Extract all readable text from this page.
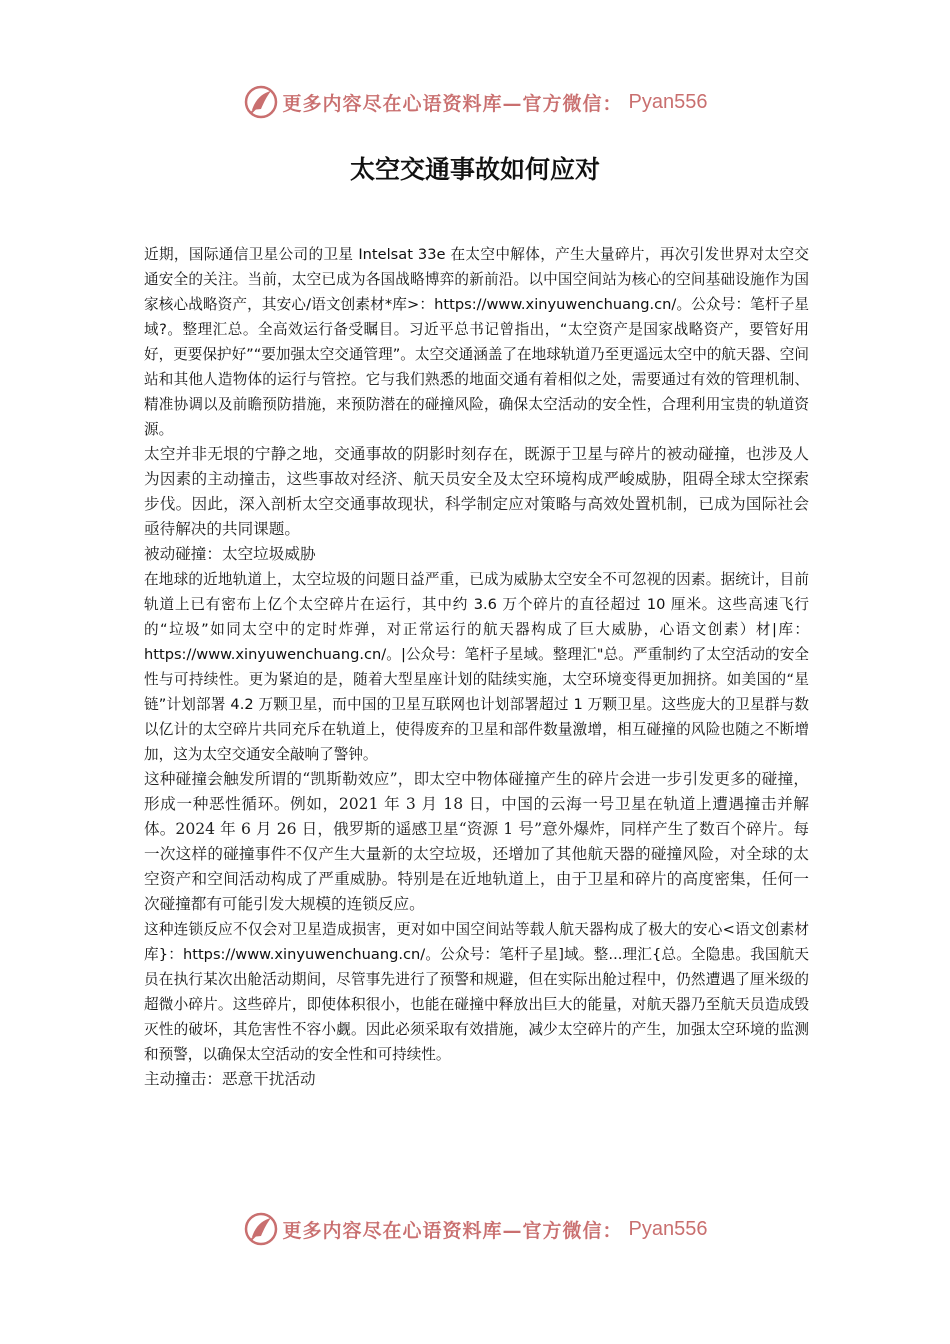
更多内容尽在心语资料库—官方微信： Pyan556
太空交通事故如何应对

近期，国际通信卫星公司的卫星 Intelsat 33e 在太空中解体，产生大量碎片，再次引发世界对太空交通安全的关注。当前，太空已成为各国战略博弈的新前沿。以中国空间站为核心的空间基础设施作为国家核心战略资产，其安心/语文创素材*库>：https://www.xinyuwenchuang.cn/。公众号：笔杆子星域?。整理汇总。全高效运行备受瞩目。习近平总书记曾指出，“太空资产是国家战略资产，要管好用好，更要保护好”“要加强太空交通管理”。太空交通涵盖了在地球轨道乃至更遥远太空中的航天器、空间站和其他人造物体的运行与管控。它与我们熟悉的地面交通有着相似之处，需要通过有效的管理机制、精准协调以及前瞻预防措施，来预防潜在的碰撞风险，确保太空活动的安全性，合理利用宝贵的轨道资源。

太空并非无垠的宁静之地，交通事故的阴影时刻存在，既源于卫星与碎片的被动碰撞，也涉及人为因素的主动撞击，这些事故对经济、航天员安全及太空环境构成严峻威胁，阻碍全球太空探索步伐。因此，深入剖析太空交通事故现状，科学制定应对策略与高效处置机制，已成为国际社会亟待解决的共同课题。

被动碰撞：太空垃圾威胁

在地球的近地轨道上，太空垃圾的问题日益严重，已成为威胁太空安全不可忽视的因素。据统计，目前轨道上已有密布上亿个太空碎片在运行，其中约 3.6 万个碎片的直径超过 10 厘米。这些高速飞行的“垃圾”如同太空中的定时炸弹，对正常运行的航天器构成了巨大威胁，心语文创素）材|库：https://www.xinyuwenchuang.cn/。|公众号：笔杆子星域。整理汇"总。严重制约了太空活动的安全性与可持续性。更为紧迫的是，随着大型星座计划的陆续实施，太空环境变得更加拥挤。如美国的“星链”计划部署 4.2 万颗卫星，而中国的卫星互联网也计划部署超过 1 万颗卫星。这些庞大的卫星群与数以亿计的太空碎片共同充斥在轨道上，使得废弃的卫星和部件数量激增，相互碰撞的风险也随之不断增加，这为太空交通安全敲响了警钟。

这种碰撞会触发所谓的“凯斯勒效应”，即太空中物体碰撞产生的碎片会进一步引发更多的碰撞，形成一种恶性循环。例如，2021 年 3 月 18 日，中国的云海一号卫星在轨道上遭遇撞击并解体。2024 年 6 月 26 日，俄罗斯的遥感卫星“资源 1 号”意外爆炸，同样产生了数百个碎片。每一次这样的碰撞事件不仅产生大量新的太空垃圾，还增加了其他航天器的碰撞风险，对全球的太空资产和空间活动构成了严重威胁。特别是在近地轨道上，由于卫星和碎片的高度密集，任何一次碰撞都有可能引发大规模的连锁反应。

这种连锁反应不仅会对卫星造成损害，更对如中国空间站等载人航天器构成了极大的安心<语文创素材库}：https://www.xinyuwenchuang.cn/。公众号：笔杆子星]域。整...理汇{总。全隐患。我国航天员在执行某次出舱活动期间，尽管事先进行了预警和规避，但在实际出舱过程中，仍然遭遇了厘米级的超微小碎片。这些碎片，即使体积很小，也能在碰撞中释放出巨大的能量，对航天器乃至航天员造成毁灭性的破坏，其危害性不容小觑。因此必须采取有效措施，减少太空碎片的产生，加强太空环境的监测和预警，以确保太空活动的安全性和可持续性。

主动撞击：恶意干扰活动

更多内容尽在心语资料库—官方微信： Pyan556
